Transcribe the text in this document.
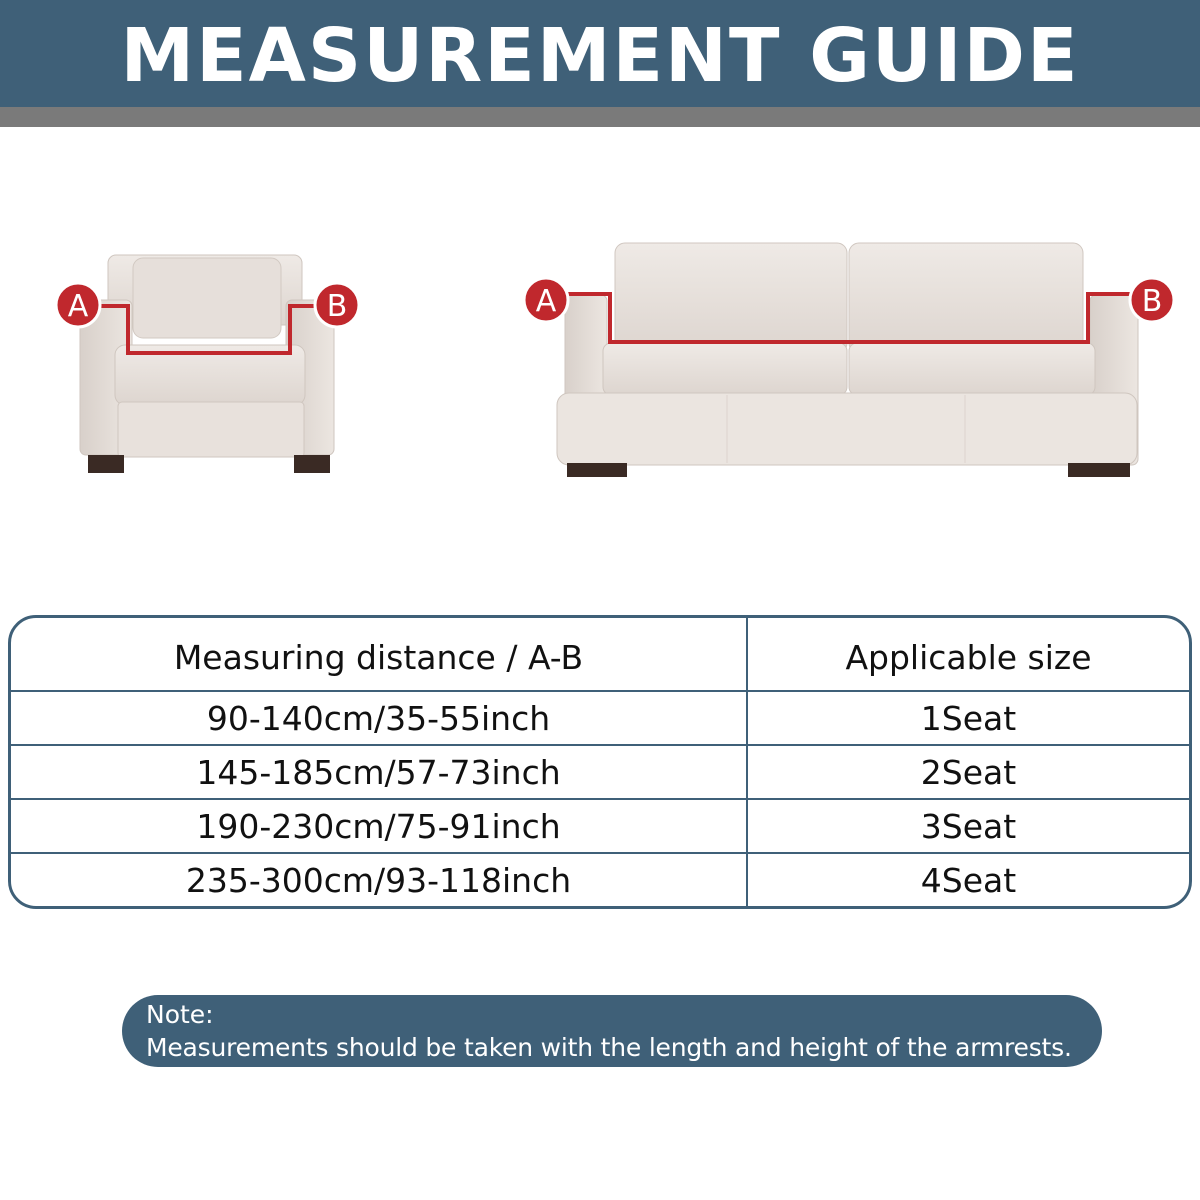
MEASUREMENT GUIDE
A	B	A	B
Measuring distance / A-B	Applicable size
90-140cm/35-55inch	1Seat
145-185cm/57-73inch	2Seat
190-230cm/75-91inch	3Seat
235-300cm/93-118inch	4Seat
Note:
Measurements should be taken with the length and height of the armrests.
